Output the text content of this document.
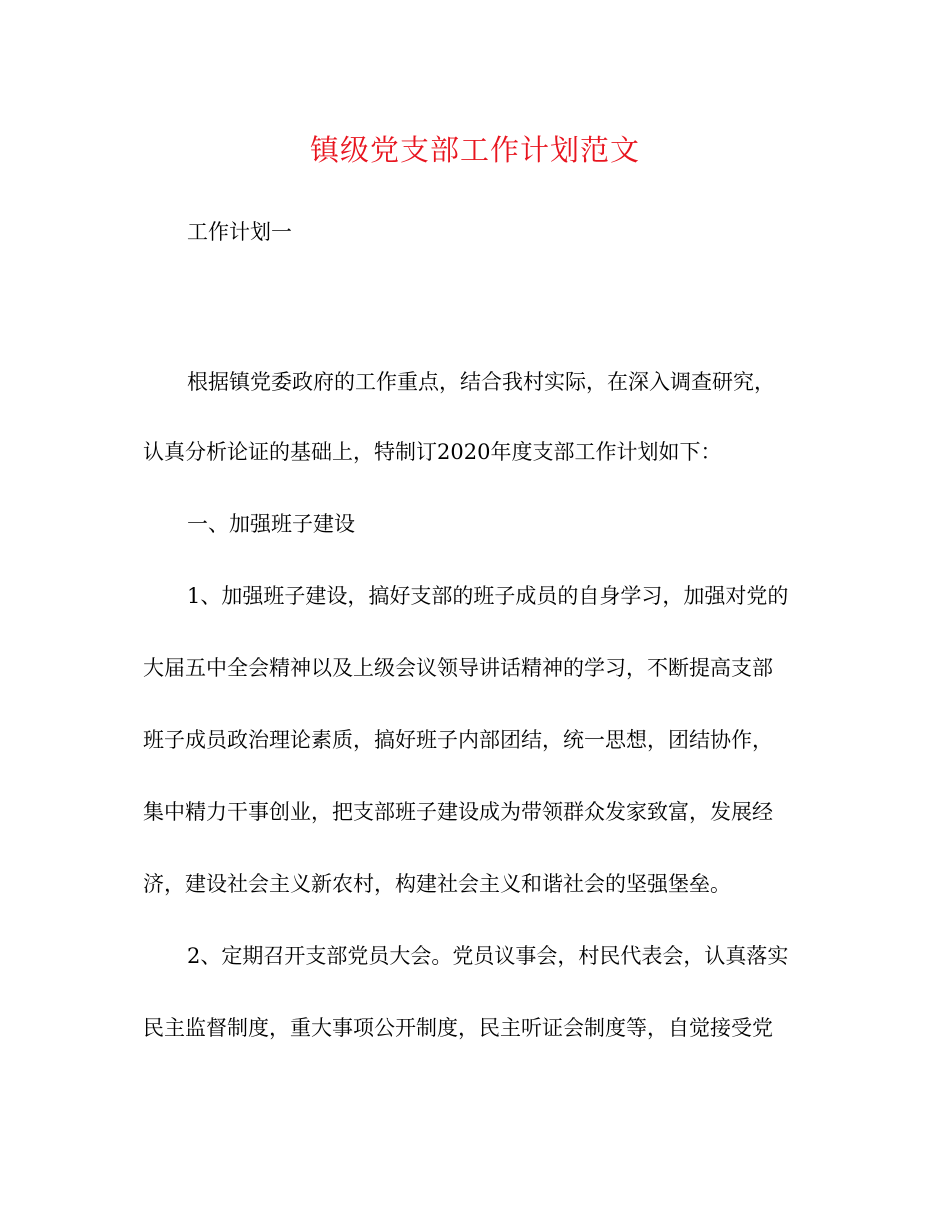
镇级党支部工作计划范文
工作计划一
根据镇党委政府的工作重点，结合我村实际，在深入调查研究，
认真分析论证的基础上，特制订2020年度支部工作计划如下：
一、加强班子建设
1、加强班子建设，搞好支部的班子成员的自身学习，加强对党的
大届五中全会精神以及上级会议领导讲话精神的学习，不断提高支部
班子成员政治理论素质，搞好班子内部团结，统一思想，团结协作，
集中精力干事创业，把支部班子建设成为带领群众发家致富，发展经
济，建设社会主义新农村，构建社会主义和谐社会的坚强堡垒。
2、定期召开支部党员大会。党员议事会，村民代表会，认真落实
民主监督制度，重大事项公开制度，民主听证会制度等，自觉接受党
